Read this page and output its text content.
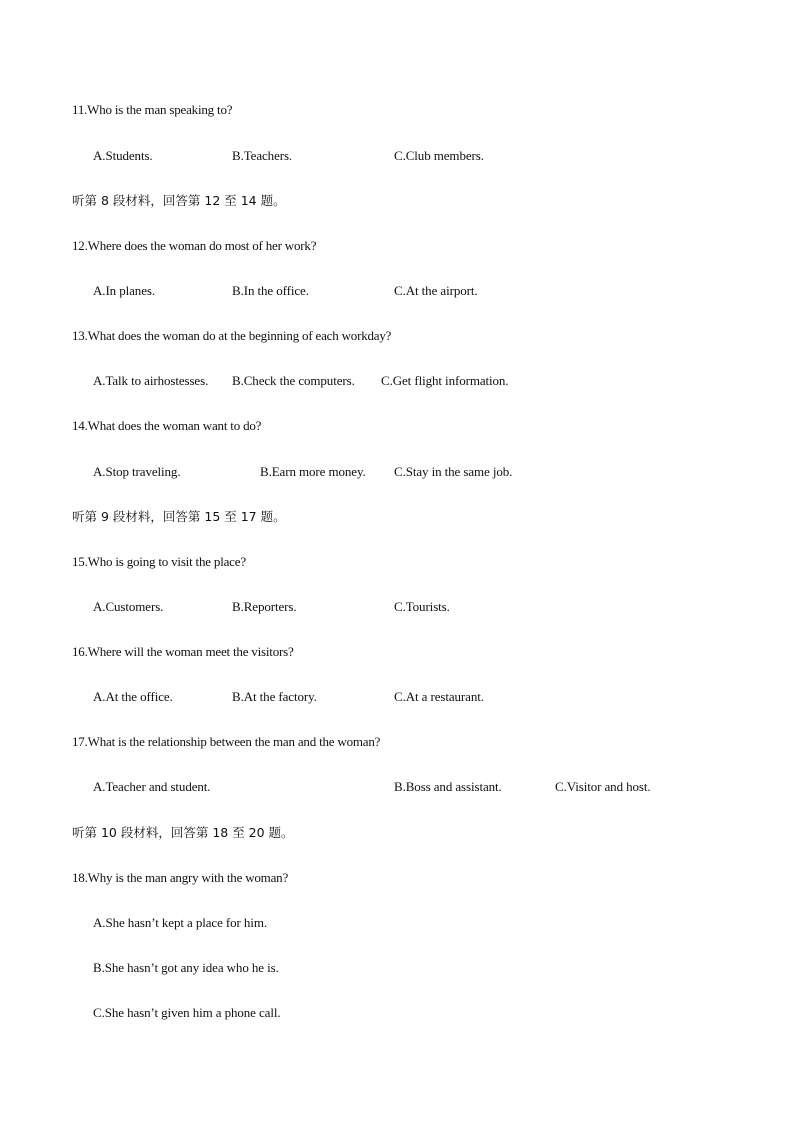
11.Who is the man speaking to?
A.Students.	B.Teachers.	C.Club members.
听第 8 段材料，回答第 12 至 14 题。
12.Where does the woman do most of her work?
A.In planes.	B.In the office.	C.At the airport.
13.What does the woman do at the beginning of each workday?
A.Talk to airhostesses. B.Check the computers. C.Get flight information.
14.What does the woman want to do?
A.Stop traveling.	B.Earn more money. C.Stay in the same job.
听第 9 段材料，回答第 15 至 17 题。
15.Who is going to visit the place?
A.Customers.	B.Reporters.	C.Tourists.
16.Where will the woman meet the visitors?
A.At the office.	B.At the factory.	C.At a restaurant.
17.What is the relationship between the man and the woman?
A.Teacher and student.	B.Boss and assistant.	C.Visitor and host.
听第 10 段材料，回答第 18 至 20 题。
18.Why is the man angry with the woman?
A.She hasn’t kept a place for him.
B.She hasn’t got any idea who he is.
C.She hasn’t given him a phone call.
